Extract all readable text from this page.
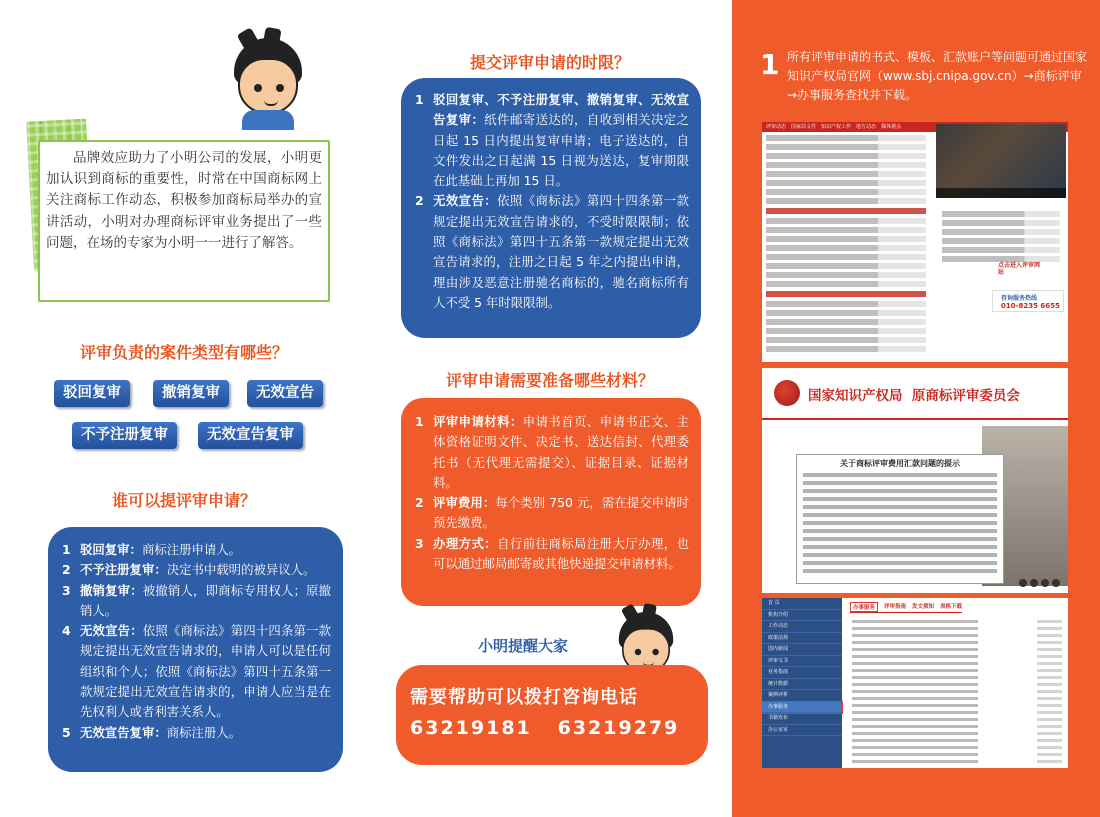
品牌效应助力了小明公司的发展，小明更加认识到商标的重要性，时常在中国商标网上关注商标工作动态，积极参加商标局举办的宣讲活动，小明对办理商标评审业务提出了一些问题，在场的专家为小明一一进行了解答。

评审负责的案件类型有哪些？
驳回复审	撤销复审	无效宣告
不予注册复审	无效宣告复审
谁可以提评审申请？
1 驳回复审：商标注册申请人。
2 不予注册复审：决定书中载明的被异议人。
3 撤销复审：被撤销人，即商标专用权人；原撤销人。
4 无效宣告：依照《商标法》第四十四条第一款规定提出无效宣告请求的，申请人可以是任何组织和个人；依照《商标法》第四十五条第一款规定提出无效宣告请求的，申请人应当是在先权利人或者利害关系人。
5 无效宣告复审：商标注册人。
提交评审申请的时限？
1 驳回复审、不予注册复审、撤销复审、无效宣告复审：纸件邮寄送达的，自收到相关决定之日起 15 日内提出复审申请；电子送达的，自文件发出之日起满 15 日视为送达，复审期限在此基础上再加 15 日。
2 无效宣告：依照《商标法》第四十四条第一款规定提出无效宣告请求的，不受时限限制；依照《商标法》第四十五条第一款规定提出无效宣告请求的，注册之日起 5 年之内提出申请，理由涉及恶意注册驰名商标的，驰名商标所有人不受 5 年时限限制。
评审申请需要准备哪些材料？
1 评审申请材料：申请书首页、申请书正文、主体资格证明文件、决定书、送达信封、代理委托书（无代理无需提交）、证据目录、证据材料。
2 评审费用：每个类别 750 元，需在提交申请时预先缴费。
3 办理方式：自行前往商标局注册大厅办理，也可以通过邮局邮寄或其他快递提交申请材料。
小明提醒大家
需要帮助可以拨打咨询电话
63219181   63219279
1 所有评审申请的书式、模板、汇款账户等问题可通过国家知识产权局官网（www.sbj.cnipa.gov.cn）→商标评审→办事服务查找并下载。
评审动态 国家局文件 知识产权工作 地方动态 媒体视点
点击进入评审网站
咨询服务热线
010-8235 6655
国家知识产权局  原商标评审委员会
关于商标评审费用汇款问题的提示
首 页
机构介绍
工作动态
政策法规
国内新闻
评审文书
业务指南
统计数据
案例评析
办事服务
书籍发布
办公室室
办事服务	评审指南 发文须知 表格下载
